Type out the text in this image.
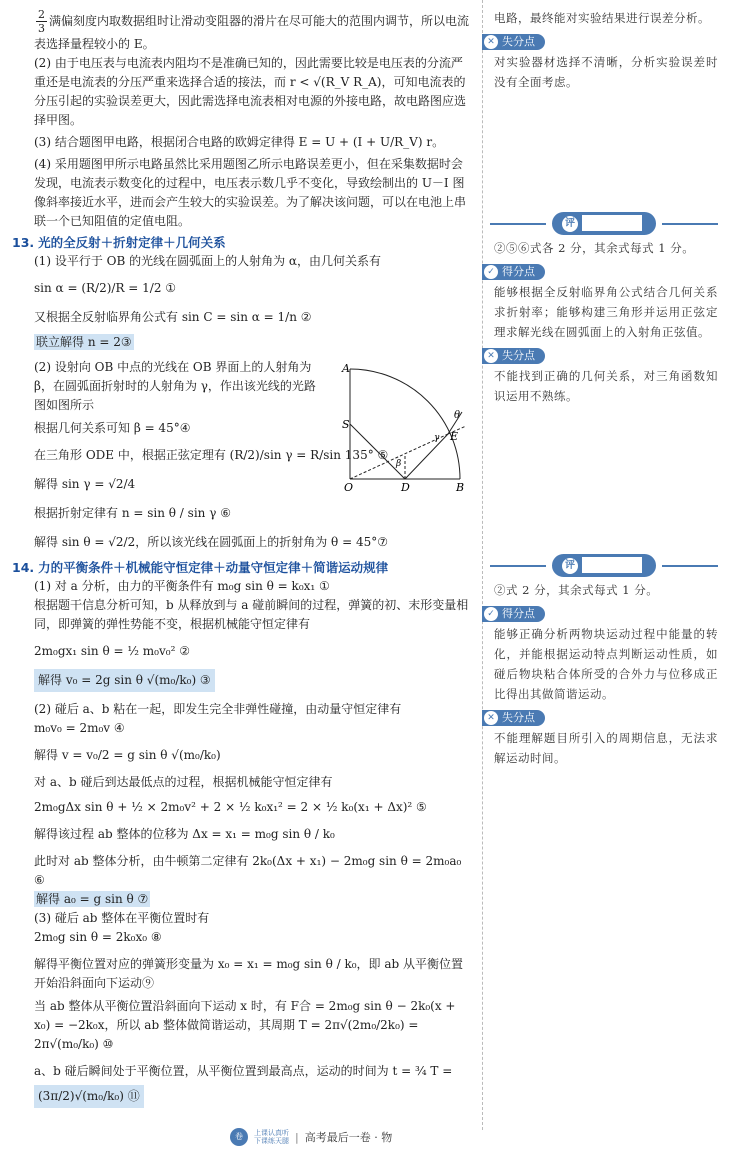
$\frac{2}{3}$ 满偏刻度内取数据组时让滑动变阻器的滑片在尽可能大的范围内调节，所以电流表选择量程较小的 E。

(2) 由于电压表与电流表内阻均不是准确已知的，因此需要比较是电压表的分流严重还是电流表的分压严重来选择合适的接法，而 r < √(R_V R_A)，可知电流表的分压引起的实验误差更大，因此需选择电流表相对电源的外接电路，故电路图应选择甲图。

(3) 结合题图甲电路，根据闭合电路的欧姆定律得 E = U + (I + U/R_V) r。

(4) 采用题图甲所示电路虽然比采用题图乙所示电路误差更小，但在采集数据时会发现，电流表示数变化的过程中，电压表示数几乎不变化，导致绘制出的 U－I 图像斜率接近水平，进而会产生较大的实验误差。为了解决该问题，可以在电池上串联一个已知阻值的定值电阻。

13. 光的全反射＋折射定律＋几何关系

(1) 设平行于 OB 的光线在圆弧面上的人射角为 α，由几何关系有

sin α = (R/2)/R = 1/2 ①

又根据全反射临界角公式有 sin C = sin α = 1/n ②

联立解得 n = 2③

(2) 设射向 OB 中点的光线在 OB 界面上的人射角为 β，在圆弧面折射时的人射角为 γ，作出该光线的光路图如图所示

根据几何关系可知 β = 45°④

在三角形 ODE 中，根据正弦定理有 (R/2)/sin γ = R/sin 135° ⑤

解得 sin γ = √2/4

根据折射定律有 n = sin θ / sin γ ⑥

解得 sin θ = √2/2，所以该光线在圆弧面上的折射角为 θ = 45°⑦

14. 力的平衡条件＋机械能守恒定律＋动量守恒定律＋简谐运动规律

(1) 对 a 分析，由力的平衡条件有 m₀g sin θ = k₀x₁ ①

根据题干信息分析可知，b 从释放到与 a 碰前瞬间的过程，弹簧的初、末形变量相同，即弹簧的弹性势能不变，根据机械能守恒定律有

2m₀gx₁ sin θ = ½ m₀v₀² ②

解得 v₀ = 2g sin θ √(m₀/k₀) ③

(2) 碰后 a、b 粘在一起，即发生完全非弹性碰撞，由动量守恒定律有

m₀v₀ = 2m₀v ④

解得 v = v₀/2 = g sin θ √(m₀/k₀)

对 a、b 碰后到达最低点的过程，根据机械能守恒定律有

2m₀gΔx sin θ + ½ × 2m₀v² + 2 × ½ k₀x₁² = 2 × ½ k₀(x₁ + Δx)² ⑤

解得该过程 ab 整体的位移为 Δx = x₁ = m₀g sin θ / k₀

此时对 ab 整体分析，由牛顿第二定律有 2k₀(Δx + x₁) − 2m₀g sin θ = 2m₀a₀ ⑥

解得 a₀ = g sin θ ⑦

(3) 碰后 ab 整体在平衡位置时有

2m₀g sin θ = 2k₀x₀ ⑧

解得平衡位置对应的弹簧形变量为 x₀ = x₁ = m₀g sin θ / k₀，即 ab 从平衡位置开始沿斜面向下运动⑨

当 ab 整体从平衡位置沿斜面向下运动 x 时，有 F合 = 2m₀g sin θ − 2k₀(x + x₀) = −2k₀x，所以 ab 整体做简谐运动，其周期 T = 2π√(2m₀/2k₀) = 2π√(m₀/k₀) ⑩

a、b 碰后瞬间处于平衡位置，从平衡位置到最高点，运动的时间为 t = ¾ T =

(3π/2)√(m₀/k₀) ⑪

A
S
O	D	B
E
θ
β
γ

电路，最终能对实验结果进行误差分析。

✕ 失分点

对实验器材选择不清晰，分析实验误差时没有全面考虑。

评 评分标准

②⑤⑥式各 2 分，其余式每式 1 分。

✓ 得分点

能够根据全反射临界角公式结合几何关系求折射率；能够构建三角形并运用正弦定理求解光线在圆弧面上的入射角正弦值。

✕ 失分点

不能找到正确的几何关系，对三角函数知识运用不熟练。

评 评分标准

②式 2 分，其余式每式 1 分。

✓ 得分点

能够正确分析两物块运动过程中能量的转化，并能根据运动特点判断运动性质，如碰后物块粘合体所受的合外力与位移成正比得出其做简谐运动。

✕ 失分点

不能理解题目所引入的周期信息，无法求解运动时间。

卷	上课认真听
下课练天腿 | 高考最后一卷 · 物
